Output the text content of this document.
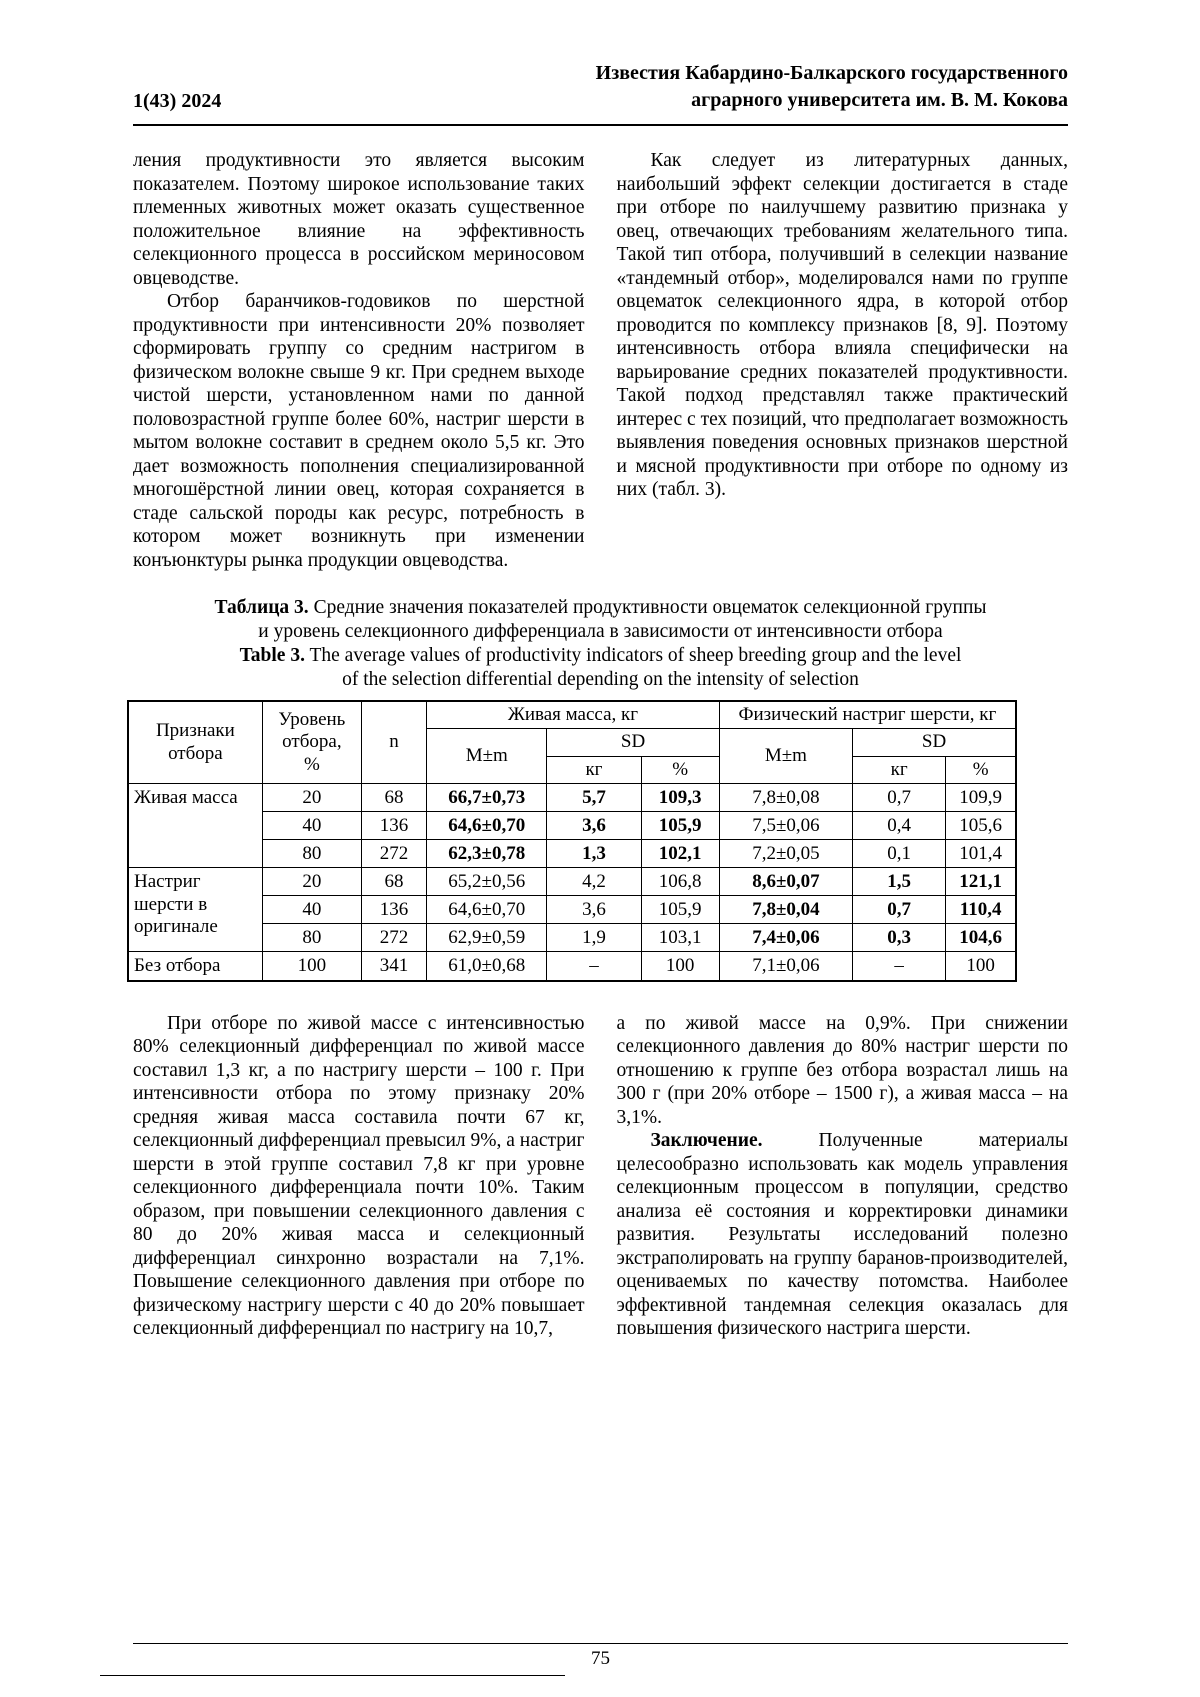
1(43) 2024
Известия Кабардино-Балкарского государственного
аграрного университета им. В. М. Кокова

ления продуктивности это является высоким показателем. Поэтому широкое использование таких племенных животных может оказать существенное положительное влияние на эффективность селекционного процесса в российском мериносовом овцеводстве.

Отбор баранчиков-годовиков по шерстной продуктивности при интенсивности 20% позволяет сформировать группу со средним настригом в физическом волокне свыше 9 кг. При среднем выходе чистой шерсти, установленном нами по данной половозрастной группе более 60%, настриг шерсти в мытом волокне составит в среднем около 5,5 кг. Это дает возможность пополнения специализированной многошёрстной линии овец, которая сохраняется в стаде сальской породы как ресурс, потребность в котором может возникнуть при изменении конъюнктуры рынка продукции овцеводства.

Как следует из литературных данных, наибольший эффект селекции достигается в стаде при отборе по наилучшему развитию признака у овец, отвечающих требованиям желательного типа. Такой тип отбора, получивший в селекции название «тандемный отбор», моделировался нами по группе овцематок селекционного ядра, в которой отбор проводится по комплексу признаков [8, 9]. Поэтому интенсивность отбора влияла специфически на варьирование средних показателей продуктивности. Такой подход представлял также практический интерес с тех позиций, что предполагает возможность выявления поведения основных признаков шерстной и мясной продуктивности при отборе по одному из них (табл. 3).

Таблица 3. Средние значения показателей продуктивности овцематок селекционной группы
и уровень селекционного дифференциала в зависимости от интенсивности отбора
Table 3. The average values of productivity indicators of sheep breeding group and the level
of the selection differential depending on the intensity of selection
Признаки
отбора	Уровень
отбора,
%	n	Живая масса, кг			Физический настриг шерсти, кг		
			M±m	SD		M±m	SD	
				кг	%		кг	%
Живая масса	20	68	66,7±0,73	5,7	109,3	7,8±0,08	0,7	109,9
	40	136	64,6±0,70	3,6	105,9	7,5±0,06	0,4	105,6
	80	272	62,3±0,78	1,3	102,1	7,2±0,05	0,1	101,4
Настриг
шерсти в
оригинале	20	68	65,2±0,56	4,2	106,8	8,6±0,07	1,5	121,1
	40	136	64,6±0,70	3,6	105,9	7,8±0,04	0,7	110,4
	80	272	62,9±0,59	1,9	103,1	7,4±0,06	0,3	104,6
Без отбора	100	341	61,0±0,68	–	100	7,1±0,06	–	100

При отборе по живой массе с интенсивностью 80% селекционный дифференциал по живой массе составил 1,3 кг, а по настригу шерсти – 100 г. При интенсивности отбора по этому признаку 20% средняя живая масса составила почти 67 кг, селекционный дифференциал превысил 9%, а настриг шерсти в этой группе составил 7,8 кг при уровне селекционного дифференциала почти 10%. Таким образом, при повышении селекционного давления с 80 до 20% живая масса и селекционный дифференциал синхронно возрастали на 7,1%. Повышение селекционного давления при отборе по физическому настригу шерсти с 40 до 20% повышает селекционный дифференциал по настригу на 10,7,

а по живой массе на 0,9%. При снижении селекционного давления до 80% настриг шерсти по отношению к группе без отбора возрастал лишь на 300 г (при 20% отборе – 1500 г), а живая масса – на 3,1%.

Заключение. Полученные материалы целесообразно использовать как модель управления селекционным процессом в популяции, средство анализа её состояния и корректировки динамики развития. Результаты исследований полезно экстраполировать на группу баранов-производителей, оцениваемых по качеству потомства. Наиболее эффективной тандемная селекция оказалась для повышения физического настрига шерсти.

75
